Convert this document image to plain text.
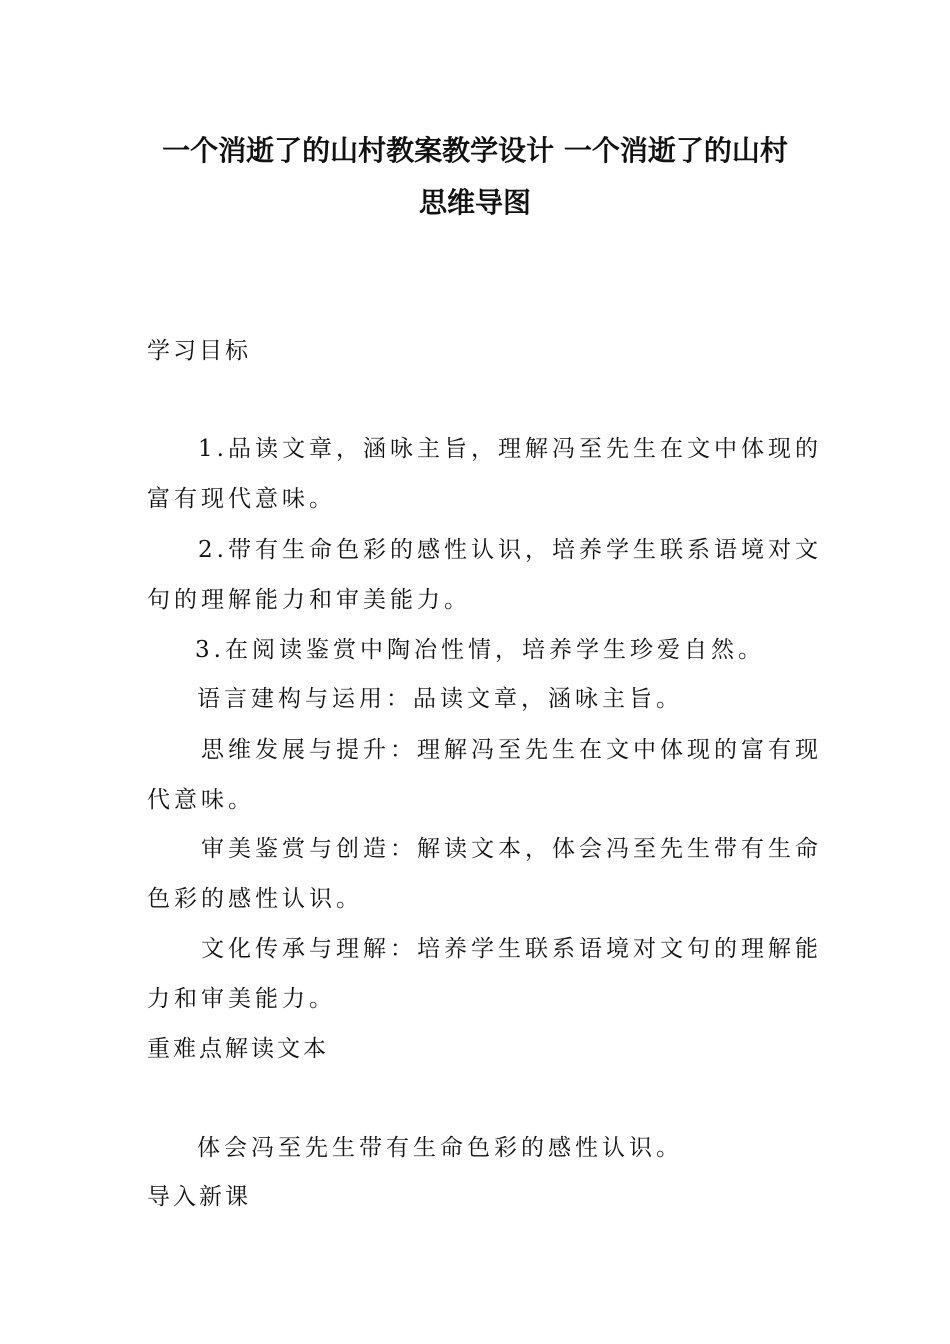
一个消逝了的山村教案教学设计 一个消逝了的山村
思维导图

学习目标

1.品读文章，涵咏主旨，理解冯至先生在文中体现的

富有现代意味。

2.带有生命色彩的感性认识，培养学生联系语境对文

句的理解能力和审美能力。

3.在阅读鉴赏中陶冶性情，培养学生珍爱自然。

语言建构与运用：品读文章，涵咏主旨。

思维发展与提升：理解冯至先生在文中体现的富有现

代意味。

审美鉴赏与创造：解读文本，体会冯至先生带有生命

色彩的感性认识。

文化传承与理解：培养学生联系语境对文句的理解能

力和审美能力。

重难点解读文本

体会冯至先生带有生命色彩的感性认识。

导入新课
